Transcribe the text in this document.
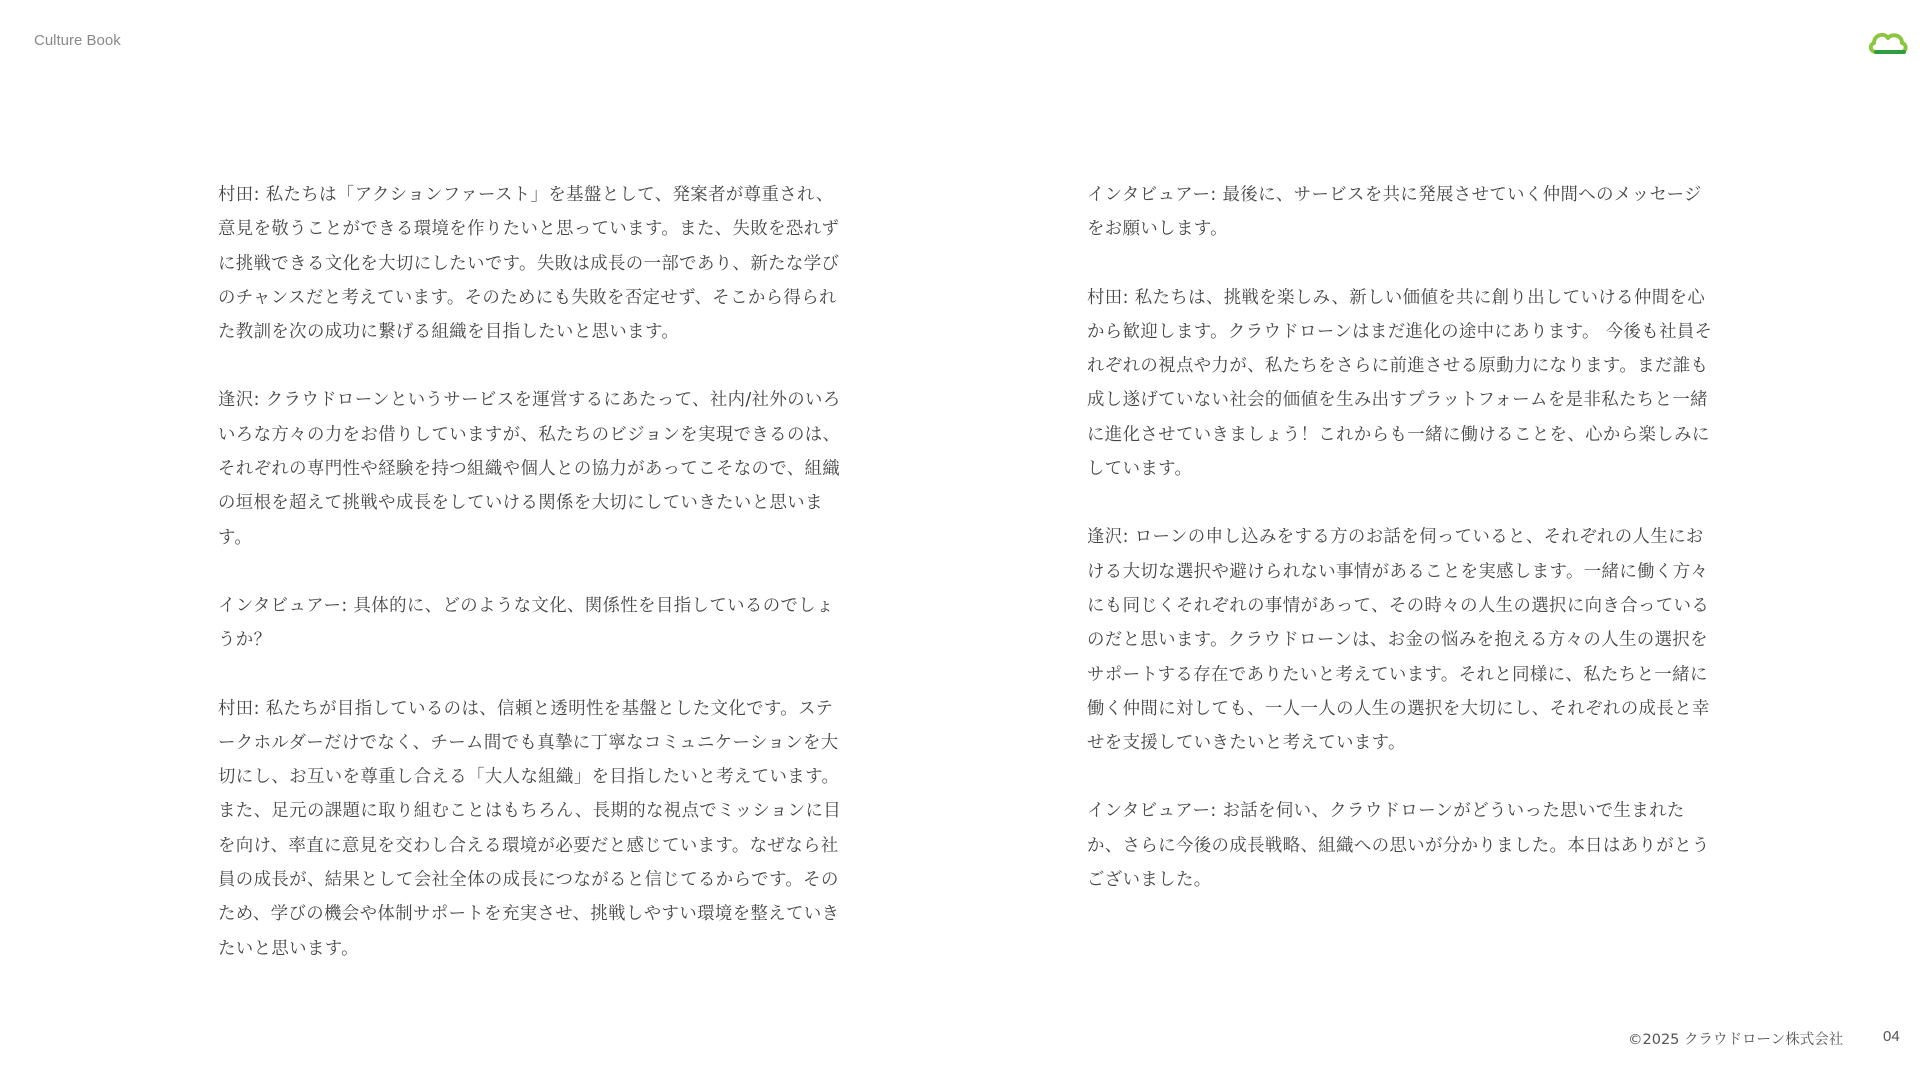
Culture Book

村田: 私たちは「アクションファースト」を基盤として、発案者が尊重され、意見を敬うことができる環境を作りたいと思っています。また、失敗を恐れずに挑戦できる文化を大切にしたいです。失敗は成長の一部であり、新たな学びのチャンスだと考えています。そのためにも失敗を否定せず、そこから得られた教訓を次の成功に繋げる組織を目指したいと思います。

逢沢: クラウドローンというサービスを運営するにあたって、社内/社外のいろいろな方々の力をお借りしていますが、私たちのビジョンを実現できるのは、それぞれの専門性や経験を持つ組織や個人との協力があってこそなので、組織の垣根を超えて挑戦や成長をしていける関係を大切にしていきたいと思います。

インタビュアー: 具体的に、どのような文化、関係性を目指しているのでしょうか？

村田: 私たちが目指しているのは、信頼と透明性を基盤とした文化です。ステークホルダーだけでなく、チーム間でも真摯に丁寧なコミュニケーションを大切にし、お互いを尊重し合える「大人な組織」を目指したいと考えています。また、足元の課題に取り組むことはもちろん、長期的な視点でミッションに目を向け、率直に意見を交わし合える環境が必要だと感じています。なぜなら社員の成長が、結果として会社全体の成長につながると信じてるからです。そのため、学びの機会や体制サポートを充実させ、挑戦しやすい環境を整えていきたいと思います。

インタビュアー: 最後に、サービスを共に発展させていく仲間へのメッセージをお願いします。

村田: 私たちは、挑戦を楽しみ、新しい価値を共に創り出していける仲間を心から歓迎します。クラウドローンはまだ進化の途中にあります。 今後も社員それぞれの視点や力が、私たちをさらに前進させる原動力になります。まだ誰も成し遂げていない社会的価値を生み出すプラットフォームを是非私たちと一緒に進化させていきましょう！これからも一緒に働けることを、心から楽しみにしています。

逢沢: ローンの申し込みをする方のお話を伺っていると、それぞれの人生における大切な選択や避けられない事情があることを実感します。一緒に働く方々にも同じくそれぞれの事情があって、その時々の人生の選択に向き合っているのだと思います。クラウドローンは、お金の悩みを抱える方々の人生の選択をサポートする存在でありたいと考えています。それと同様に、私たちと一緒に働く仲間に対しても、一人一人の人生の選択を大切にし、それぞれの成長と幸せを支援していきたいと考えています。

インタビュアー: お話を伺い、クラウドローンがどういった思いで生まれたか、さらに今後の成長戦略、組織への思いが分かりました。本日はありがとうございました。

©2025 クラウドローン株式会社	04
